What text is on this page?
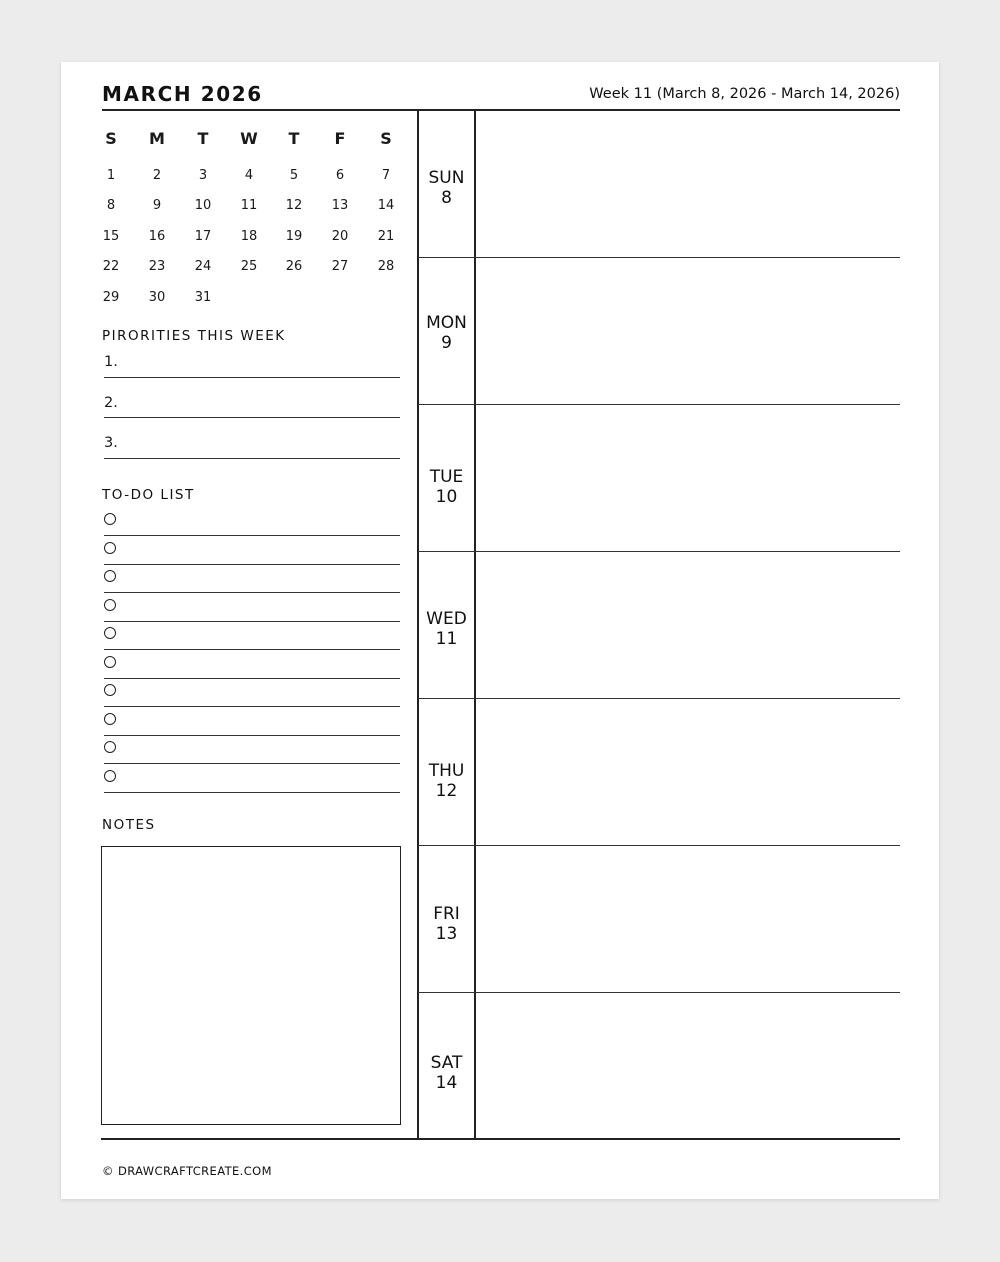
MARCH 2026	Week 11 (March 8, 2026 - March 14, 2026)
S	M	T	W	T	F	S
1	2	3	4	5	6	7
8	9	10	11	12	13	14
15	16	17	18	19	20	21
22	23	24	25	26	27	28
29	30	31
PIRORITIES THIS WEEK
1.
2.
3.
TO-DO LIST
NOTES
SUN
8
MON
9
TUE
10
WED
11
THU
12
FRI
13
SAT
14
© DRAWCRAFTCREATE.COM
